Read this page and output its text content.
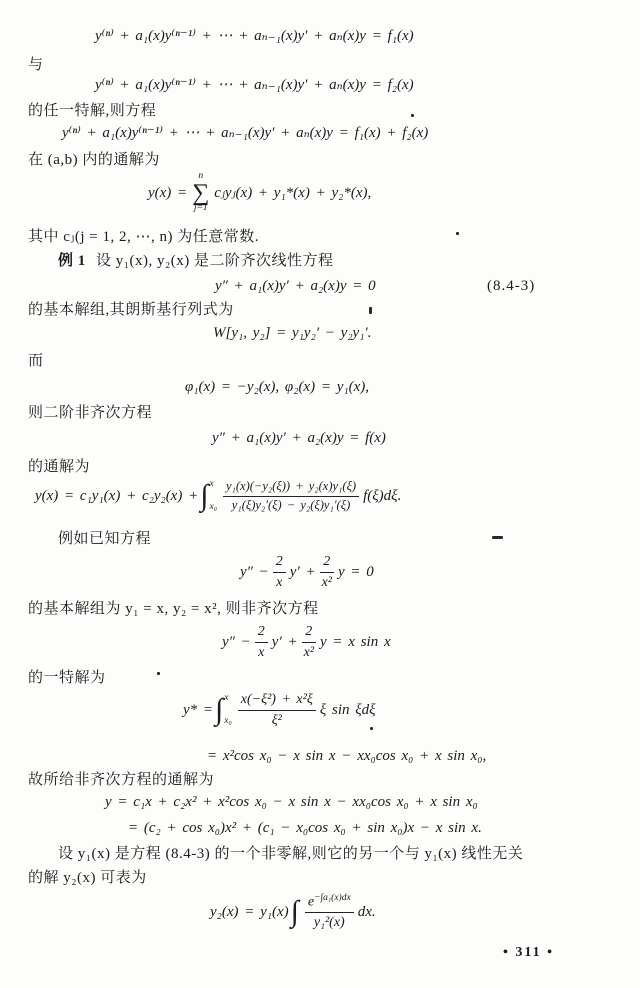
y⁽ⁿ⁾ + a₁(x)y⁽ⁿ⁻¹⁾ + ⋯ + aₙ₋₁(x)y′ + aₙ(x)y = f₁(x)
与
y⁽ⁿ⁾ + a₁(x)y⁽ⁿ⁻¹⁾ + ⋯ + aₙ₋₁(x)y′ + aₙ(x)y = f₂(x)
的任一特解,则方程
y⁽ⁿ⁾ + a₁(x)y⁽ⁿ⁻¹⁾ + ⋯ + aₙ₋₁(x)y′ + aₙ(x)y = f₁(x) + f₂(x)
在 (a,b) 内的通解为
y(x) =
n
∑
j=1
cⱼyⱼ(x) + y₁*(x) + y₂*(x),
其中 cⱼ(j = 1, 2, ⋯, n) 为任意常数.
例 1 设 y₁(x), y₂(x) 是二阶齐次线性方程
y″ + a₁(x)y′ + a₂(x)y = 0	(8.4-3)
的基本解组,其朗斯基行列式为
W[y₁, y₂] = y₁y₂′ − y₂y₁′.
而
φ₁(x) = −y₂(x), φ₂(x) = y₁(x),
则二阶非齐次方程
y″ + a₁(x)y′ + a₂(x)y = f(x)
的通解为
y(x) = c₁y₁(x) + c₂y₂(x) + ∫ x
$x_0 \frac{\text{y₁(x)(−y₂(ξ)) + y₂(x)y₁(ξ)}}{\text{y₁(ξ)y₂′(ξ) − y₂(ξ)y₁′(ξ)}} f(\xi)d\xi$.
例如已知方程
$y'' - \frac{2}{x} y' + \frac{2}{\text{x²}}$ y = 0
的基本解组为 y₁ = x, y₂ = x², 则非齐次方程
$y'' - \frac{2}{x} y' + \frac{2}{\text{x²}}$ y = x sin x
的一特解为
y* = ∫ x
$x_0 \frac{\text{x(−ξ²) + x²ξ}}{\text{ξ²}}$ ξ sin ξdξ
= x²cos x₀ − x sin x − xx₀cos x₀ + x sin x₀,
故所给非齐次方程的通解为
y = c₁x + c₂x² + x²cos x₀ − x sin x − xx₀cos x₀ + x sin x₀
= (c₂ + cos x₀)x² + (c₁ − x₀cos x₀ + sin x₀)x − x sin x.
设 y₁(x) 是方程 (8.4-3) 的一个非零解,则它的另一个与 y₁(x) 线性无关
的解 y₂(x) 可表为
y₂(x) = y₁(x) ∫ $\frac{e^{-\int a_1(x)dx}}{\text{y₁²(x)}}$ dx.
• 311 •
